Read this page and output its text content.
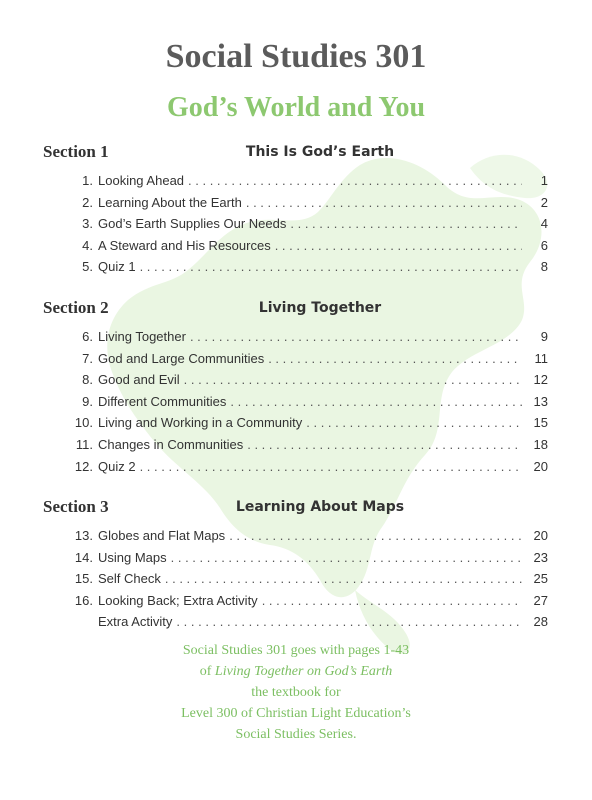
Social Studies 301
God’s World and You
Section 1	This Is God’s Earth
1. Looking Ahead . . .	1
2. Learning About the Earth . . .	2
3. God’s Earth Supplies Our Needs . . .	4
4. A Steward and His Resources . . .	6
5. Quiz 1 . . .	8
Section 2	Living Together
6. Living Together . . .	9
7. God and Large Communities . . .	11
8. Good and Evil . . .	12
9. Different Communities . . .	13
10. Living and Working in a Community . . .	15
11. Changes in Communities . . .	18
12. Quiz 2 . . .	20
Section 3	Learning About Maps
13. Globes and Flat Maps . . .	20
14. Using Maps . . .	23
15. Self Check . . .	25
16. Looking Back; Extra Activity . . .	27
Extra Activity . . .	28
Social Studies 301 goes with pages 1-43
of Living Together on God’s Earth
the textbook for
Level 300 of Christian Light Education’s
Social Studies Series.
